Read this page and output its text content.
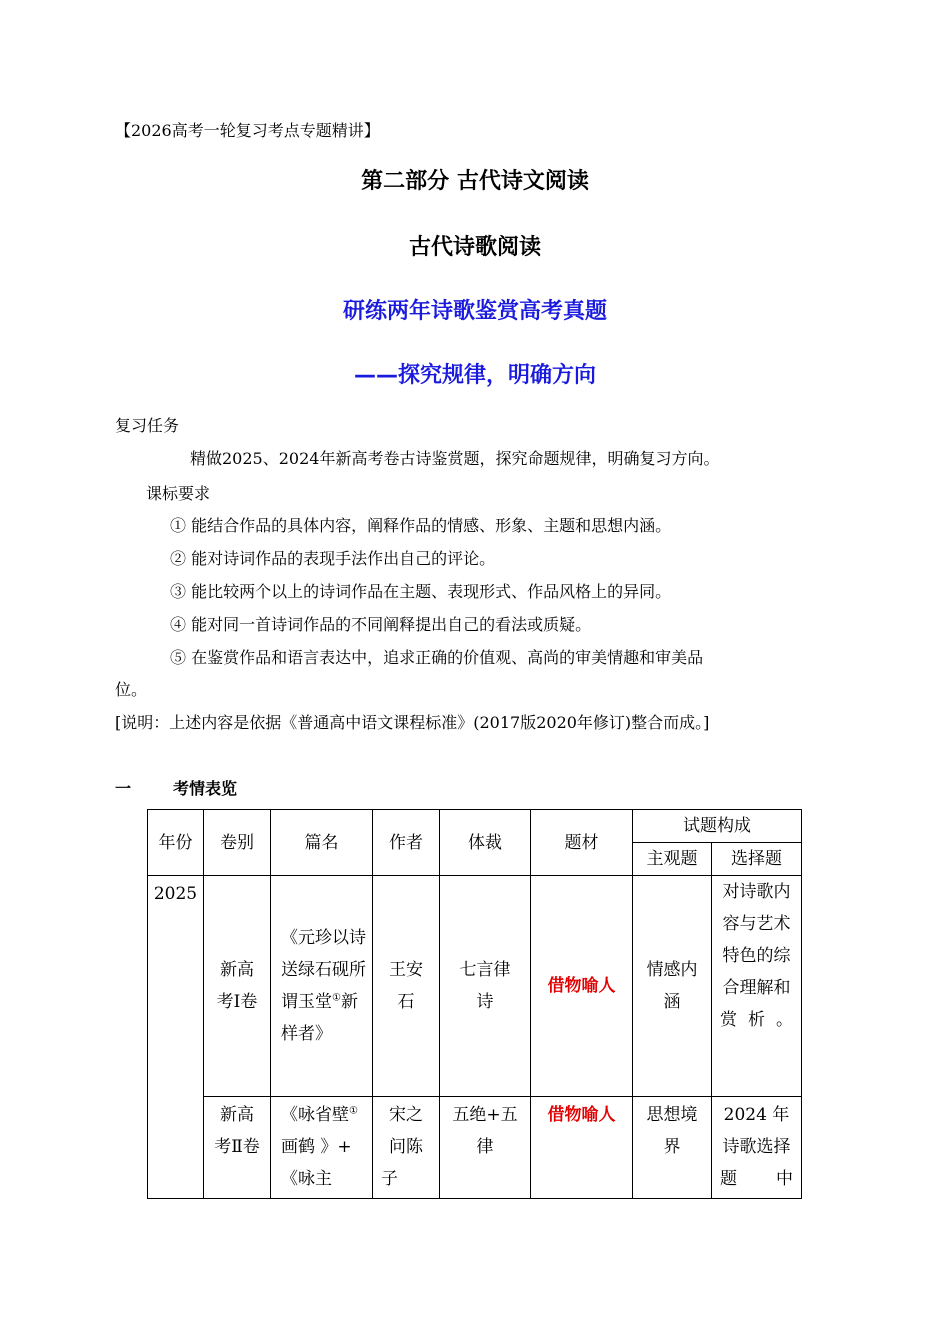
【2026高考一轮复习考点专题精讲】
第二部分 古代诗文阅读
古代诗歌阅读
研练两年诗歌鉴赏高考真题
——探究规律，明确方向
复习任务
精做2025、2024年新高考卷古诗鉴赏题，探究命题规律，明确复习方向。
课标要求
① 能结合作品的具体内容，阐释作品的情感、形象、主题和思想内涵。
② 能对诗词作品的表现手法作出自己的评论。
③ 能比较两个以上的诗词作品在主题、表现形式、作品风格上的异同。
④ 能对同一首诗词作品的不同阐释提出自己的看法或质疑。
⑤ 在鉴赏作品和语言表达中，追求正确的价值观、高尚的审美情趣和审美品
位。
[说明：上述内容是依据《普通高中语文课程标准》(2017版2020年修订)整合而成。]
一	考情表览
年份	卷别	篇名	作者	体裁	题材	试题构成	
						主观题	选择题
2025	新高考Ⅰ卷	《元珍以诗送绿石砚所谓玉堂①新样者》	王安石	七言律诗	借物喻人	情感内涵	对诗歌内容与艺术特色的综合理解和赏析。
	新高考Ⅱ卷	《咏省壁①画鹤 》+《咏主	宋之问陈子	五绝+五律	借物喻人	思想境界	2024 年诗歌选择题中
